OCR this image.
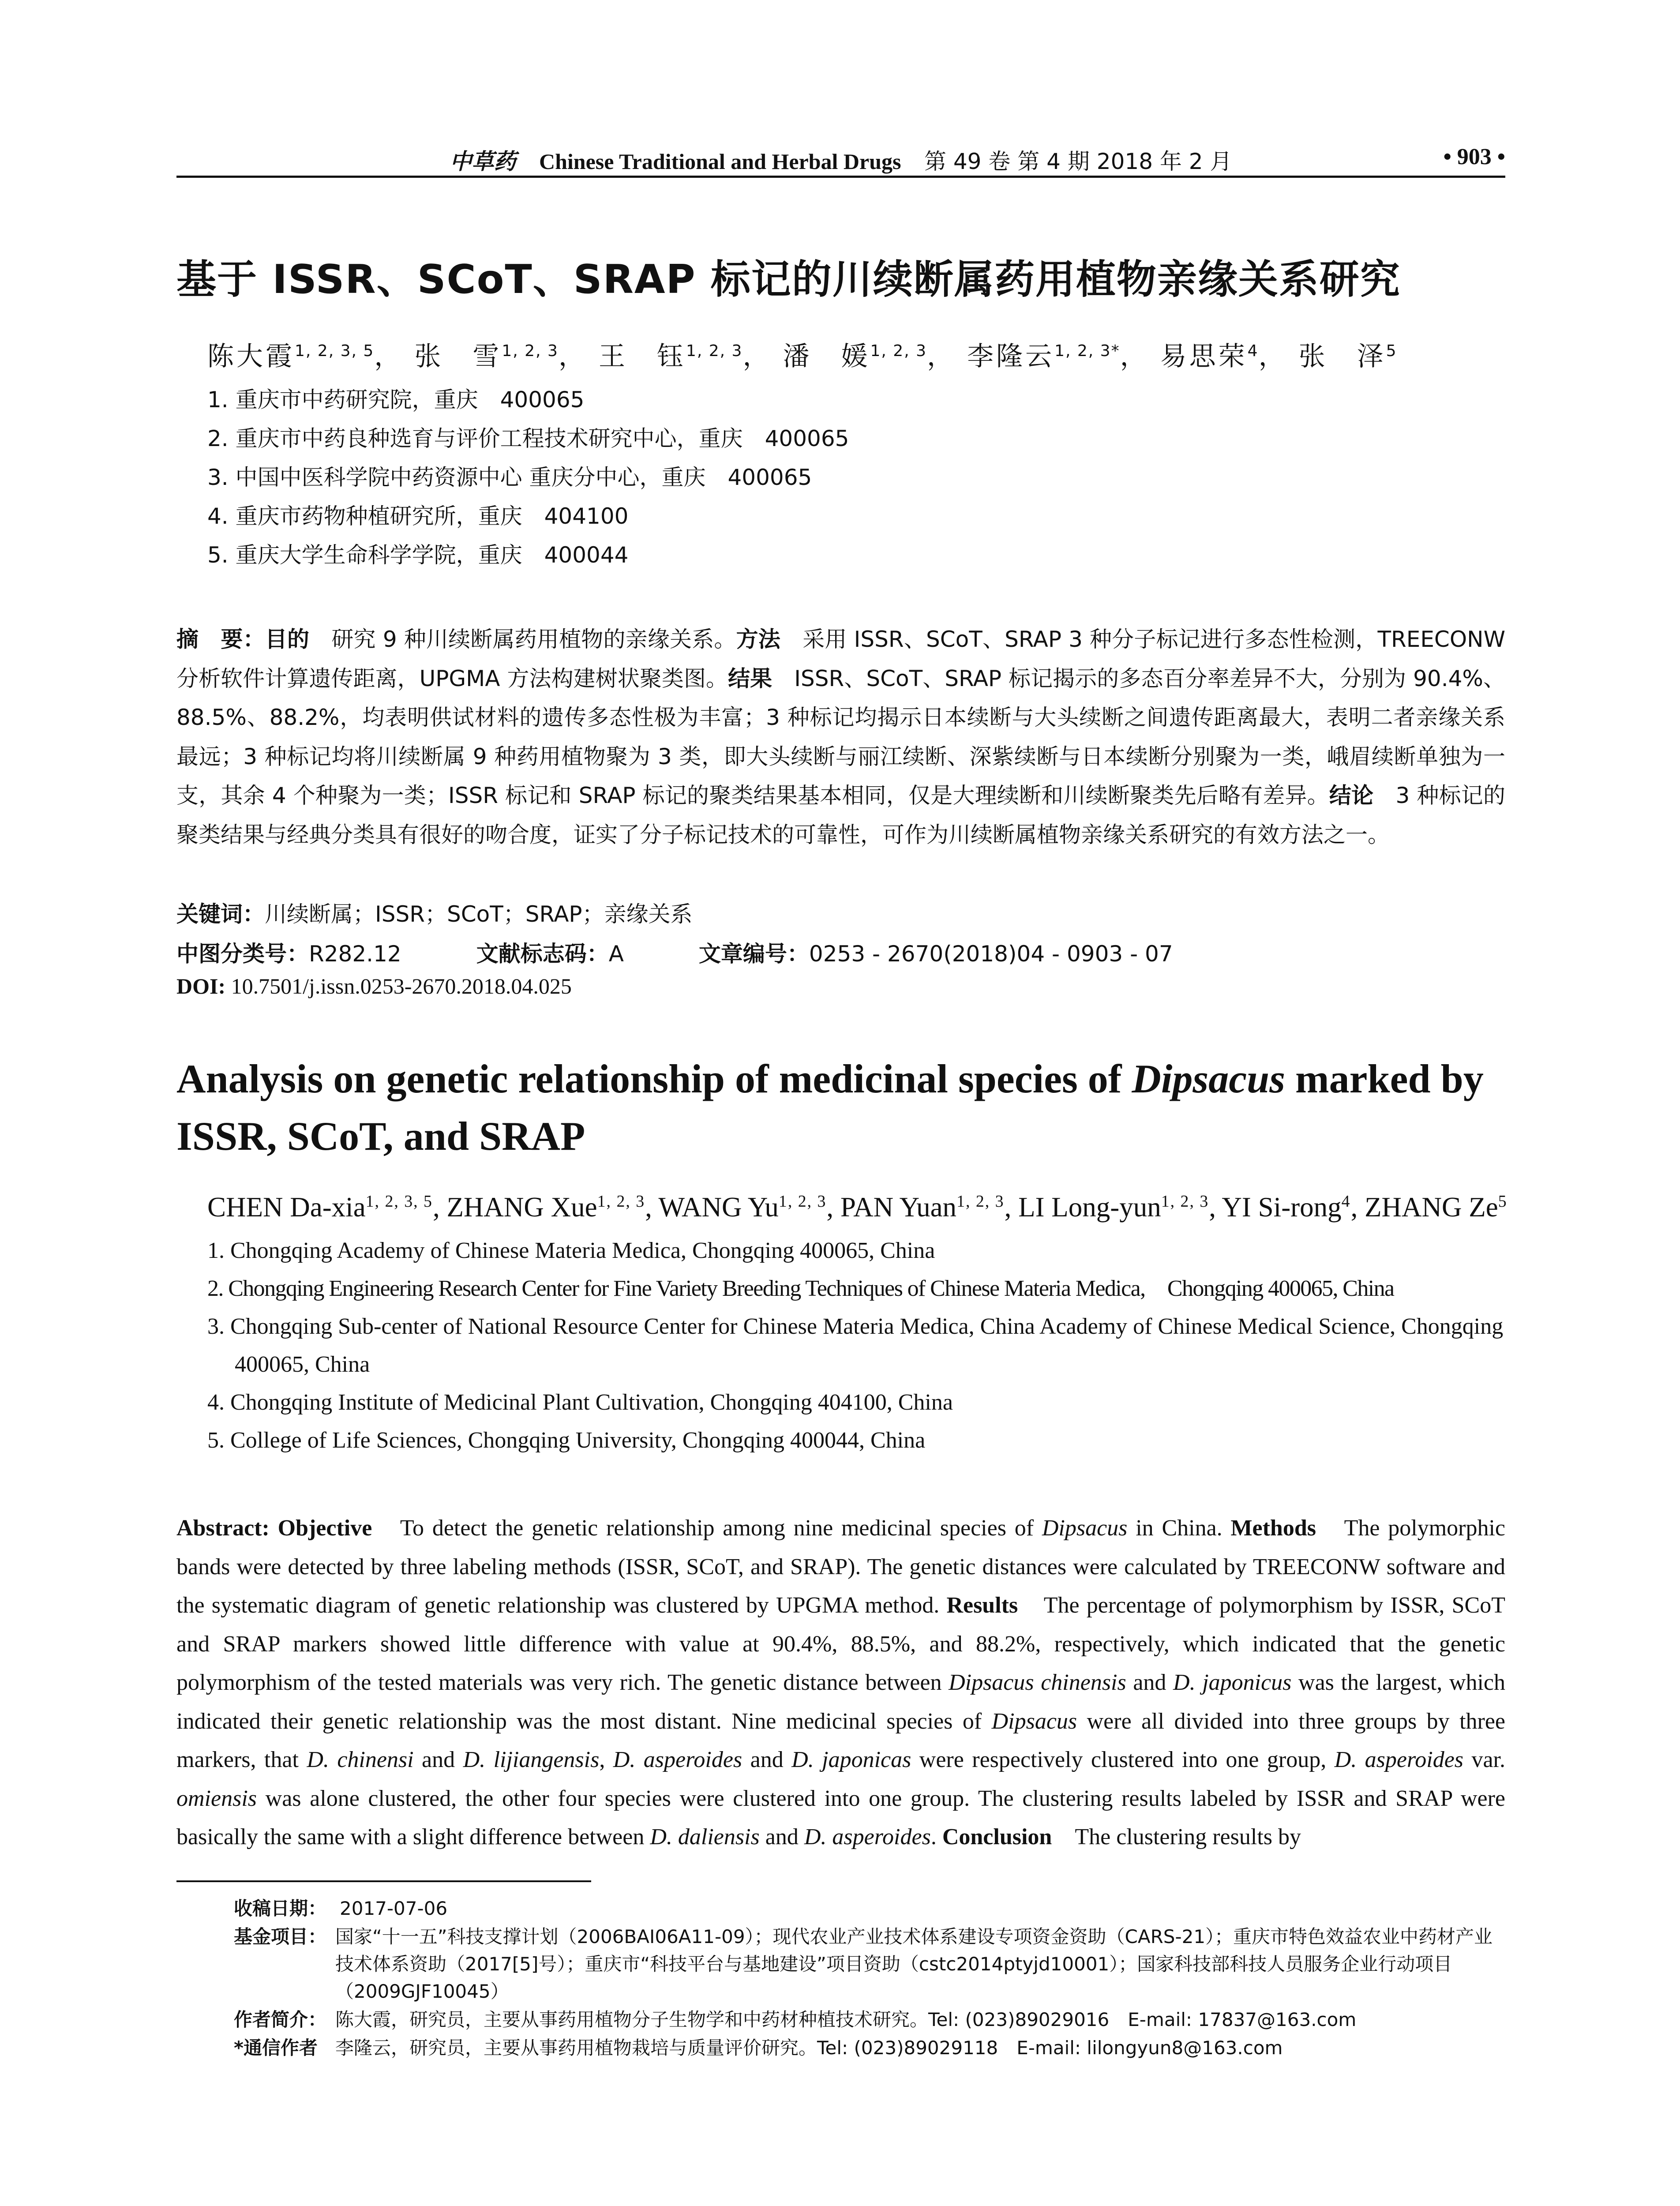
中草药 Chinese Traditional and Herbal Drugs 第 49 卷 第 4 期 2018 年 2 月	• 903 •
基于 ISSR、SCoT、SRAP 标记的川续断属药用植物亲缘关系研究
陈大霞$^{1, 2, 3, 5}$， 张　雪$^{1, 2, 3}$， 王　钰$^{1, 2, 3}$， 潘　媛$^{1, 2, 3}$， 李隆云$^{1, 2, 3*}$， 易思荣$^4$， 张　泽$^5$
1. 重庆市中药研究院，重庆　400065
2. 重庆市中药良种选育与评价工程技术研究中心，重庆　400065
3. 中国中医科学院中药资源中心 重庆分中心，重庆　400065
4. 重庆市药物种植研究所，重庆　404100
5. 重庆大学生命科学学院，重庆　400044
摘　要：目的　研究 9 种川续断属药用植物的亲缘关系。方法　采用 ISSR、SCoT、SRAP 3 种分子标记进行多态性检测，TREECONW 分析软件计算遗传距离，UPGMA 方法构建树状聚类图。结果　ISSR、SCoT、SRAP 标记揭示的多态百分率差异不大，分别为 90.4%、88.5%、88.2%，均表明供试材料的遗传多态性极为丰富；3 种标记均揭示日本续断与大头续断之间遗传距离最大，表明二者亲缘关系最远；3 种标记均将川续断属 9 种药用植物聚为 3 类，即大头续断与丽江续断、深紫续断与日本续断分别聚为一类，峨眉续断单独为一支，其余 4 个种聚为一类；ISSR 标记和 SRAP 标记的聚类结果基本相同，仅是大理续断和川续断聚类先后略有差异。结论　3 种标记的聚类结果与经典分类具有很好的吻合度，证实了分子标记技术的可靠性，可作为川续断属植物亲缘关系研究的有效方法之一。
关键词：川续断属；ISSR；SCoT；SRAP；亲缘关系
中图分类号：R282.12	文献标志码：A	文章编号：0253 - 2670(2018)04 - 0903 - 07
DOI: 10.7501/j.issn.0253-2670.2018.04.025
Analysis on genetic relationship of medicinal species of Dipsacus marked by ISSR, SCoT, and SRAP
CHEN Da-xia$^{1, 2, 3, 5}$, ZHANG Xue$^{1, 2, 3}$, WANG Yu$^{1, 2, 3}$, PAN Yuan$^{1, 2, 3}$, LI Long-yun$^{1, 2, 3}$, YI Si-rong$^4$, ZHANG Ze$^5$
1. Chongqing Academy of Chinese Materia Medica, Chongqing 400065, China
2. Chongqing Engineering Research Center for Fine Variety Breeding Techniques of Chinese Materia Medica,　Chongqing 400065, China
3. Chongqing Sub-center of National Resource Center for Chinese Materia Medica, China Academy of Chinese Medical Science, Chongqing 400065, China
4. Chongqing Institute of Medicinal Plant Cultivation, Chongqing 404100, China
5. College of Life Sciences, Chongqing University, Chongqing 400044, China
Abstract: Objective　To detect the genetic relationship among nine medicinal species of Dipsacus in China. Methods　The polymorphic bands were detected by three labeling methods (ISSR, SCoT, and SRAP). The genetic distances were calculated by TREECONW software and the systematic diagram of genetic relationship was clustered by UPGMA method. Results　The percentage of polymorphism by ISSR, SCoT and SRAP markers showed little difference with value at 90.4%, 88.5%, and 88.2%, respectively, which indicated that the genetic polymorphism of the tested materials was very rich. The genetic distance between Dipsacus chinensis and D. japonicus was the largest, which indicated their genetic relationship was the most distant. Nine medicinal species of Dipsacus were all divided into three groups by three markers, that D. chinensi and D. lijiangensis, D. asperoides and D. japonicas were respectively clustered into one group, D. asperoides var. omiensis was alone clustered, the other four species were clustered into one group. The clustering results labeled by ISSR and SRAP were basically the same with a slight difference between D. daliensis and D. asperoides. Conclusion　The clustering results by
收稿日期： 2017-07-06
基金项目： 国家“十一五”科技支撑计划（2006BAI06A11-09）；现代农业产业技术体系建设专项资金资助（CARS-21）；重庆市特色效益农业中药材产业技术体系资助（2017[5]号）；重庆市“科技平台与基地建设”项目资助（cstc2014ptyjd10001）；国家科技部科技人员服务企业行动项目（2009GJF10045）
作者简介： 陈大霞，研究员，主要从事药用植物分子生物学和中药材种植技术研究。Tel: (023)89029016　E-mail: 17837@163.com
*通信作者 李隆云，研究员，主要从事药用植物栽培与质量评价研究。Tel: (023)89029118　E-mail: lilongyun8@163.com
